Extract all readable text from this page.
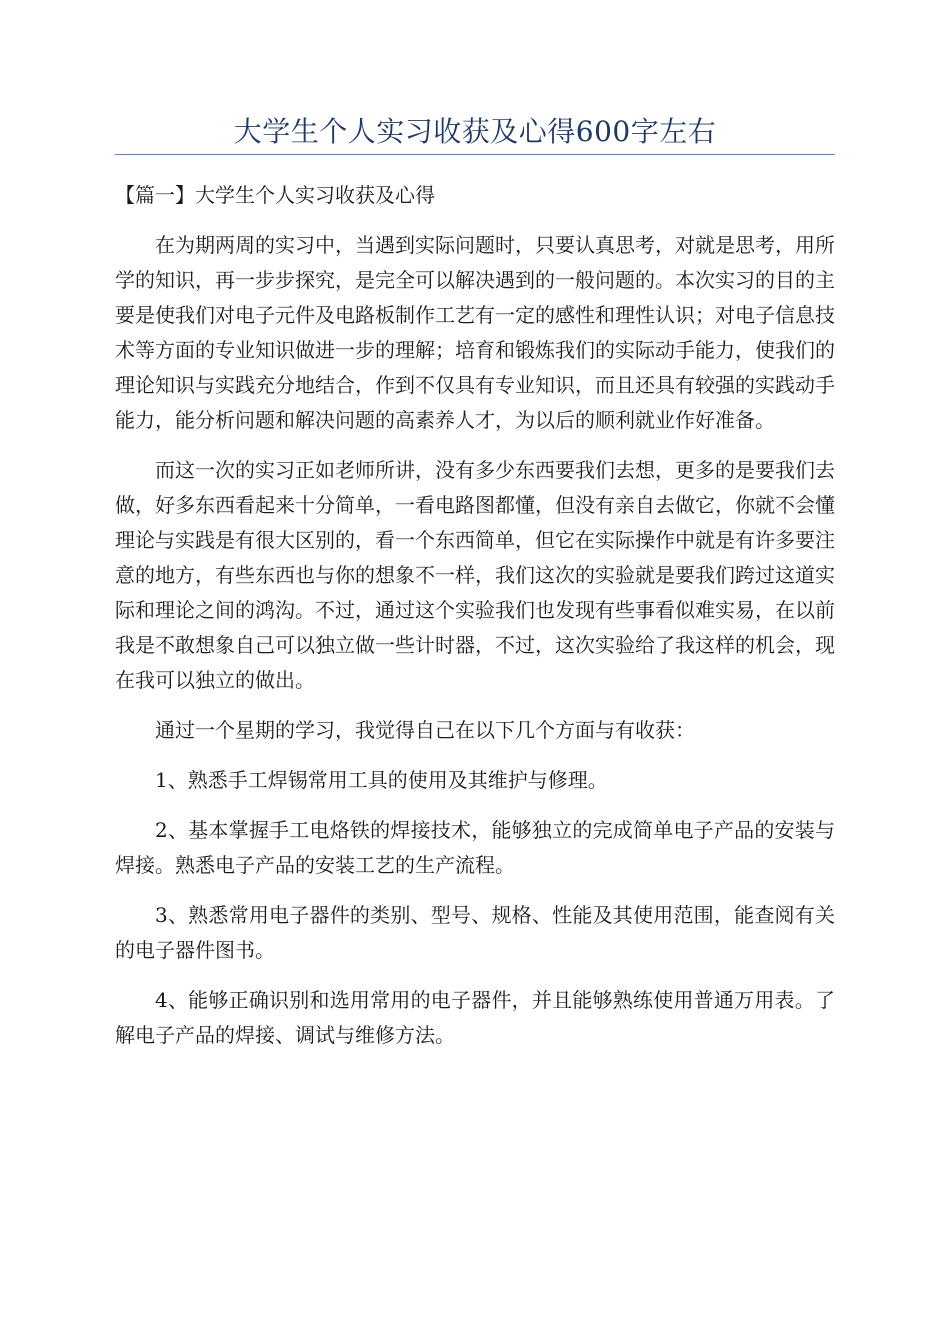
大学生个人实习收获及心得600字左右

【篇一】大学生个人实习收获及心得

在为期两周的实习中，当遇到实际问题时，只要认真思考，对就是思考，用所学的知识，再一步步探究，是完全可以解决遇到的一般问题的。本次实习的目的主要是使我们对电子元件及电路板制作工艺有一定的感性和理性认识；对电子信息技术等方面的专业知识做进一步的理解；培育和锻炼我们的实际动手能力，使我们的理论知识与实践充分地结合，作到不仅具有专业知识，而且还具有较强的实践动手能力，能分析问题和解决问题的高素养人才，为以后的顺利就业作好准备。

而这一次的实习正如老师所讲，没有多少东西要我们去想，更多的是要我们去做，好多东西看起来十分简单，一看电路图都懂，但没有亲自去做它，你就不会懂理论与实践是有很大区别的，看一个东西简单，但它在实际操作中就是有许多要注意的地方，有些东西也与你的想象不一样，我们这次的实验就是要我们跨过这道实际和理论之间的鸿沟。不过，通过这个实验我们也发现有些事看似难实易，在以前我是不敢想象自己可以独立做一些计时器，不过，这次实验给了我这样的机会，现在我可以独立的做出。

通过一个星期的学习，我觉得自己在以下几个方面与有收获：

1、熟悉手工焊锡常用工具的使用及其维护与修理。

2、基本掌握手工电烙铁的焊接技术，能够独立的完成简单电子产品的安装与焊接。熟悉电子产品的安装工艺的生产流程。

3、熟悉常用电子器件的类别、型号、规格、性能及其使用范围，能查阅有关的电子器件图书。

4、能够正确识别和选用常用的电子器件，并且能够熟练使用普通万用表。了解电子产品的焊接、调试与维修方法。
